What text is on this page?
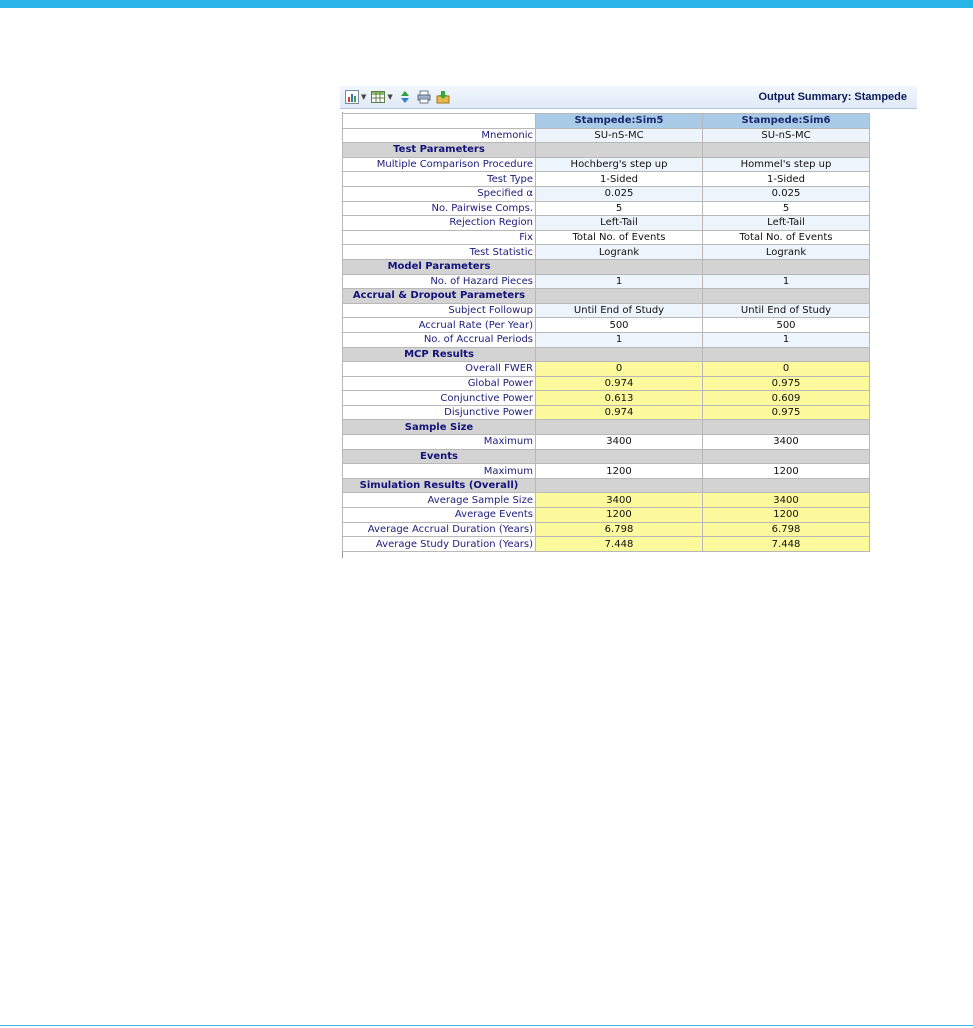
▼	▼	Output Summary: Stampede
	Stampede:Sim5	Stampede:Sim6
Mnemonic	SU-nS-MC	SU-nS-MC
Test Parameters		
Multiple Comparison Procedure	Hochberg's step up	Hommel's step up
Test Type	1-Sided	1-Sided
Specified α	0.025	0.025
No. Pairwise Comps.	5	5
Rejection Region	Left-Tail	Left-Tail
Fix	Total No. of Events	Total No. of Events
Test Statistic	Logrank	Logrank
Model Parameters		
No. of Hazard Pieces	1	1
Accrual & Dropout Parameters		
Subject Followup	Until End of Study	Until End of Study
Accrual Rate (Per Year)	500	500
No. of Accrual Periods	1	1
MCP Results		
Overall FWER	0	0
Global Power	0.974	0.975
Conjunctive Power	0.613	0.609
Disjunctive Power	0.974	0.975
Sample Size		
Maximum	3400	3400
Events		
Maximum	1200	1200
Simulation Results (Overall)		
Average Sample Size	3400	3400
Average Events	1200	1200
Average Accrual Duration (Years)	6.798	6.798
Average Study Duration (Years)	7.448	7.448
